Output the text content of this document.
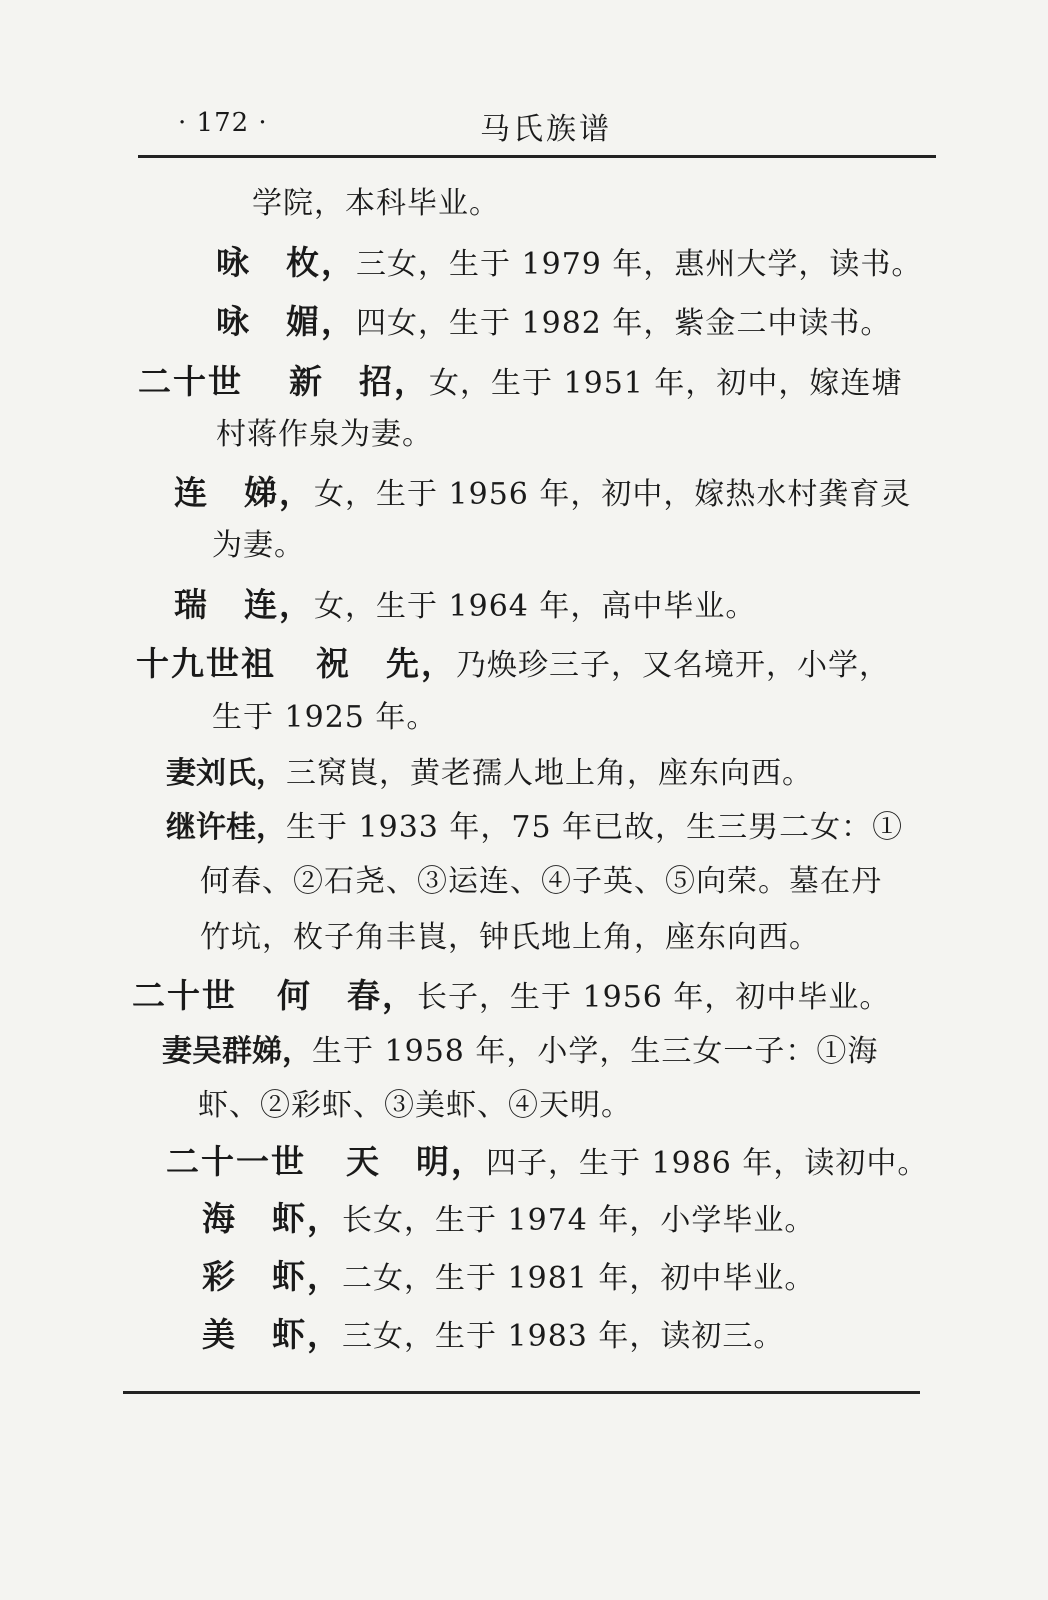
· 172 ·	马氏族谱
学院，本科毕业。
咏　枚，三女，生于 1979 年，惠州大学，读书。
咏　媚，四女，生于 1982 年，紫金二中读书。
二十世 新　招，女，生于 1951 年，初中，嫁连塘
村蒋作泉为妻。
连　娣，女，生于 1956 年，初中，嫁热水村龚育灵
为妻。
瑞　连，女，生于 1964 年，高中毕业。
十九世祖 祝　先，乃焕珍三子，又名境开，小学，
生于 1925 年。
妻刘氏，三窝崀，黄老孺人地上角，座东向西。
继许桂，生于 1933 年，75 年已故，生三男二女：①
何春、②石尧、③运连、④子英、⑤向荣。墓在丹
竹坑，枚子角丰崀，钟氏地上角，座东向西。
二十世 何　春，长子，生于 1956 年，初中毕业。
妻吴群娣，生于 1958 年，小学，生三女一子：①海
虾、②彩虾、③美虾、④天明。
二十一世 天　明，四子，生于 1986 年，读初中。
海　虾，长女，生于 1974 年，小学毕业。
彩　虾，二女，生于 1981 年，初中毕业。
美　虾，三女，生于 1983 年，读初三。
